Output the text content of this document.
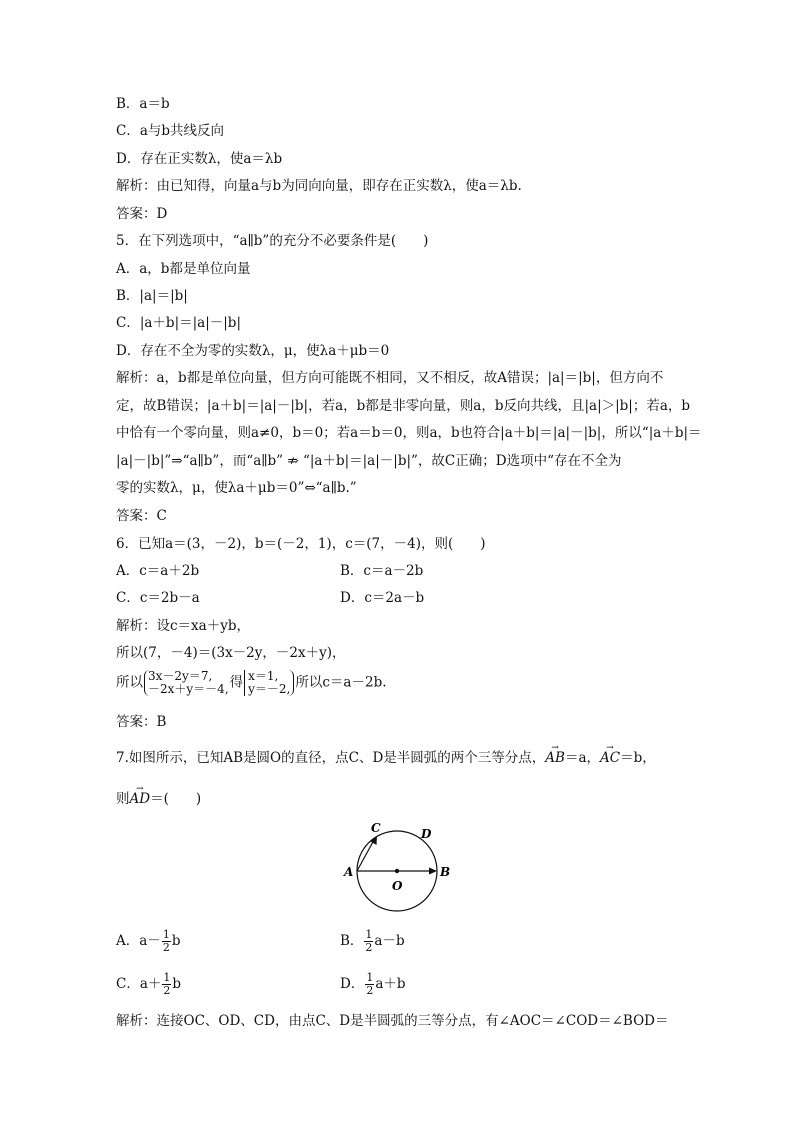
B．a＝b
C．a与b共线反向
D．存在正实数λ，使a＝λb
解析：由已知得，向量a与b为同向向量，即存在正实数λ，使a＝λb.
答案：D
5．在下列选项中，“a∥b”的充分不必要条件是(　　)
A．a，b都是单位向量
B．|a|＝|b|
C．|a＋b|＝|a|－|b|
D．存在不全为零的实数λ，μ，使λa＋μb＝0
解析：a，b都是单位向量，但方向可能既不相同，又不相反，故A错误；|a|＝|b|，但方向不
定，故B错误；|a＋b|＝|a|－|b|，若a，b都是非零向量，则a，b反向共线，且|a|＞|b|；若a，b
中恰有一个零向量，则a≠0，b＝0；若a＝b＝0，则a，b也符合|a＋b|＝|a|－|b|，所以“|a＋b|＝
|a|－|b|”⇒“a∥b”，而“a∥b” ⇏ “|a＋b|＝|a|－|b|”，故C正确；D选项中“存在不全为
零的实数λ，μ，使λa＋μb＝0”⇔“a∥b.”
答案：C
6．已知a＝(3，－2)，b＝(－2，1)，c＝(7，－4)，则(　　)
A．c＝a＋2b	B．c＝a－2b
C．c＝2b－a	D．c＝2a－b
解析：设c＝xa＋yb，
所以(7，－4)＝(3x－2y，－2x＋y)，
所以 3x－2y＝7,
－2x＋y＝－4, 得 x＝1,
y＝－2, 所以c＝a－2b.
答案：B
7.如图所示，已知AB是圆O的直径，点C、D是半圆弧的两个三等分点，→ AB＝a，→ AC＝b，
则→ AD＝(　　)
C	D
A	B
O
A．$a- \frac{1}{2}$ b	B． $\frac{1}{2} a-b$
C．$a+ \frac{1}{2}$ b	D． $\frac{1}{2} a+b$
解析：连接OC、OD、CD，由点C、D是半圆弧的三等分点，有∠AOC＝∠COD＝∠BOD＝
